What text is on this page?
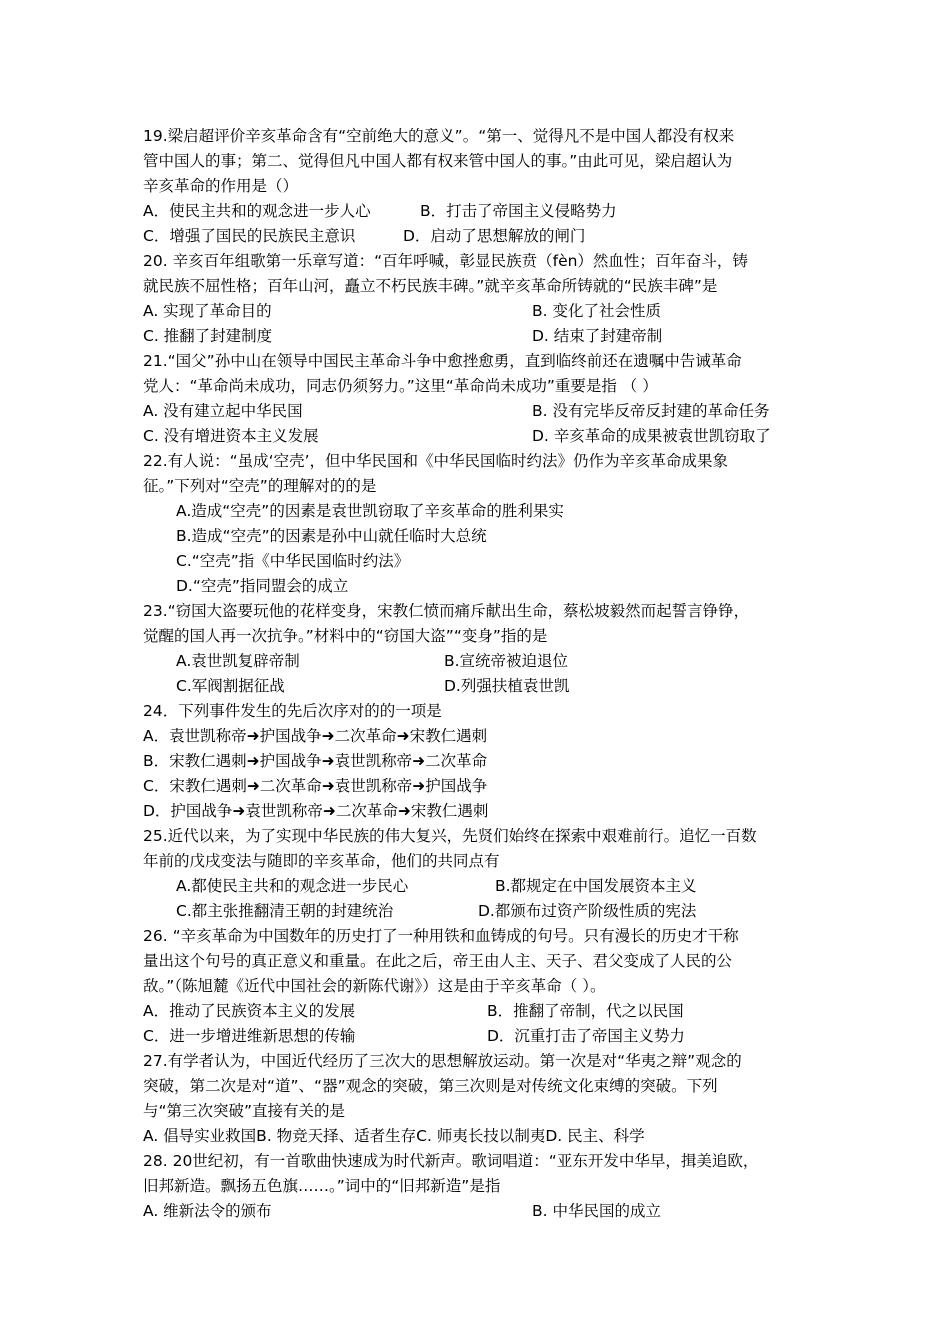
19.梁启超评价辛亥革命含有“空前绝大的意义”。“第一、觉得凡不是中国人都没有权来
管中国人的事；第二、觉得但凡中国人都有权来管中国人的事。”由此可见，梁启超认为
辛亥革命的作用是（）
A．使民主共和的观念进一步人心	B．打击了帝国主义侵略势力
C．增强了国民的民族民主意识	D．启动了思想解放的闸门
20. 辛亥百年组歌第一乐章写道：“百年呼喊，彰显民族贲（fèn）然血性；百年奋斗，铸
就民族不屈性格；百年山河，矗立不朽民族丰碑。”就辛亥革命所铸就的“民族丰碑”是
A. 实现了革命目的	B. 变化了社会性质
C. 推翻了封建制度	D. 结束了封建帝制
21.“国父”孙中山在领导中国民主革命斗争中愈挫愈勇，直到临终前还在遗嘱中告诫革命
党人：“革命尚未成功，同志仍须努力。”这里“革命尚未成功”重要是指 （ ）
A. 没有建立起中华民国	B. 没有完毕反帝反封建的革命任务
C. 没有增进资本主义发展	D. 辛亥革命的成果被袁世凯窃取了
22.有人说：“虽成‘空壳’，但中华民国和《中华民国临时约法》仍作为辛亥革命成果象
征。”下列对“空壳”的理解对的的是
A.造成“空壳”的因素是袁世凯窃取了辛亥革命的胜利果实
B.造成“空壳”的因素是孙中山就任临时大总统
C.“空壳”指《中华民国临时约法》
D.“空壳”指同盟会的成立
23.“窃国大盗要玩他的花样变身，宋教仁愤而痛斥献出生命，蔡松坡毅然而起誓言铮铮，
觉醒的国人再一次抗争。”材料中的“窃国大盗”“变身”指的是
A.袁世凯复辟帝制	B.宣统帝被迫退位
C.军阀割据征战	D.列强扶植袁世凯
24．下列事件发生的先后次序对的的一项是
A．袁世凯称帝➜护国战争➜二次革命➜宋教仁遇刺
B．宋教仁遇刺➜护国战争➜袁世凯称帝➜二次革命
C．宋教仁遇刺➜二次革命➜袁世凯称帝➜护国战争
D．护国战争➜袁世凯称帝➜二次革命➜宋教仁遇刺
25.近代以来，为了实现中华民族的伟大复兴，先贤们始终在探索中艰难前行。追忆一百数
年前的戊戌变法与随即的辛亥革命，他们的共同点有
A.都使民主共和的观念进一步民心	B.都规定在中国发展资本主义
C.都主张推翻清王朝的封建统治	D.都颁布过资产阶级性质的宪法
26. “辛亥革命为中国数年的历史打了一种用铁和血铸成的句号。只有漫长的历史才干称
量出这个句号的真正意义和重量。在此之后，帝王由人主、天子、君父变成了人民的公
敌。”（陈旭麓《近代中国社会的新陈代谢》）这是由于辛亥革命（ ）。
A．推动了民族资本主义的发展	B．推翻了帝制，代之以民国
C．进一步增进维新思想的传输	D．沉重打击了帝国主义势力
27.有学者认为，中国近代经历了三次大的思想解放运动。第一次是对“华夷之辩”观念的
突破，第二次是对“道”、“器”观念的突破，第三次则是对传统文化束缚的突破。下列
与“第三次突破”直接有关的是
A. 倡导实业救国B. 物竞天择、适者生存C. 师夷长技以制夷D. 民主、科学
28. 20世纪初，有一首歌曲快速成为时代新声。歌词唱道：“亚东开发中华早，揖美追欧，
旧邦新造。飘扬五色旗……。”词中的“旧邦新造”是指
A. 维新法令的颁布	B. 中华民国的成立
